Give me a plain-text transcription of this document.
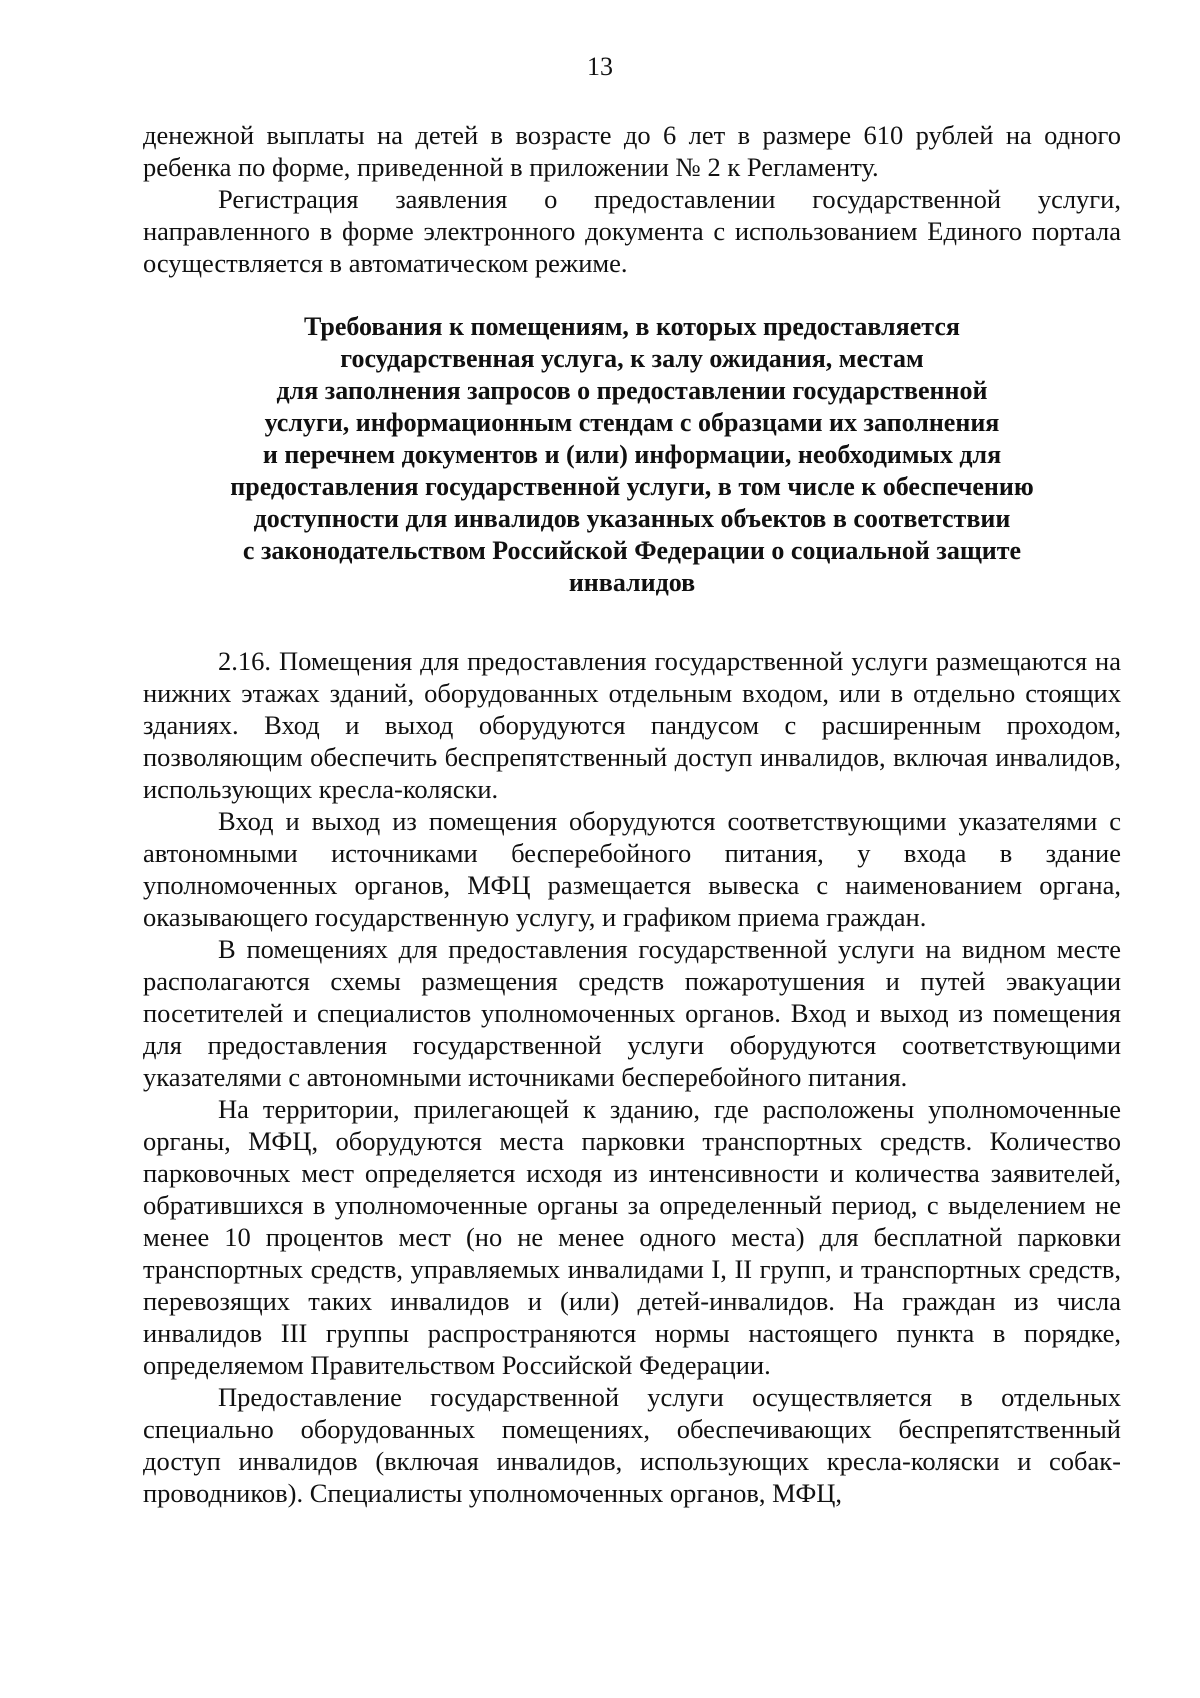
13

денежной выплаты на детей в возрасте до 6 лет в размере 610 рублей на одного ребенка по форме, приведенной в приложении № 2 к Регламенту.

Регистрация заявления о предоставлении государственной услуги, направленного в форме электронного документа с использованием Единого портала осуществляется в автоматическом режиме.

Требования к помещениям, в которых предоставляется
государственная услуга, к залу ожидания, местам
для заполнения запросов о предоставлении государственной
услуги, информационным стендам с образцами их заполнения
и перечнем документов и (или) информации, необходимых для
предоставления государственной услуги, в том числе к обеспечению
доступности для инвалидов указанных объектов в соответствии
с законодательством Российской Федерации о социальной защите
инвалидов

2.16. Помещения для предоставления государственной услуги размещаются на нижних этажах зданий, оборудованных отдельным входом, или в отдельно стоящих зданиях. Вход и выход оборудуются пандусом с расширенным проходом, позволяющим обеспечить беспрепятственный доступ инвалидов, включая инвалидов, использующих кресла-коляски.

Вход и выход из помещения оборудуются соответствующими указателями с автономными источниками бесперебойного питания, у входа в здание уполномоченных органов, МФЦ размещается вывеска с наименованием органа, оказывающего государственную услугу, и графиком приема граждан.

В помещениях для предоставления государственной услуги на видном месте располагаются схемы размещения средств пожаротушения и путей эвакуации посетителей и специалистов уполномоченных органов. Вход и выход из помещения для предоставления государственной услуги оборудуются соответствующими указателями с автономными источниками бесперебойного питания.

На территории, прилегающей к зданию, где расположены уполномоченные органы, МФЦ, оборудуются места парковки транспортных средств. Количество парковочных мест определяется исходя из интенсивности и количества заявителей, обратившихся в уполномоченные органы за определенный период, с выделением не менее 10 процентов мест (но не менее одного места) для бесплатной парковки транспортных средств, управляемых инвалидами I, II групп, и транспортных средств, перевозящих таких инвалидов и (или) детей-инвалидов. На граждан из числа инвалидов III группы распространяются нормы настоящего пункта в порядке, определяемом Правительством Российской Федерации.

Предоставление государственной услуги осуществляется в отдельных специально оборудованных помещениях, обеспечивающих беспрепятственный доступ инвалидов (включая инвалидов, использующих кресла-коляски и собак-проводников). Специалисты уполномоченных органов, МФЦ,
